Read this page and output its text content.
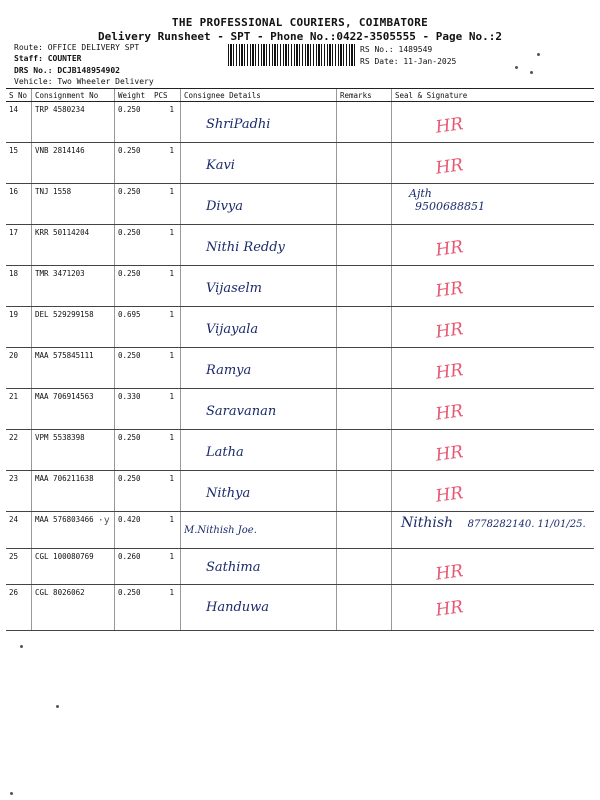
THE PROFESSIONAL COURIERS, COIMBATORE
Delivery Runsheet - SPT - Phone No.:0422-3505555 - Page No.:2
Route: OFFICE DELIVERY SPT
Staff: COUNTER
DRS No.: DCJB148954902
Vehicle: Two Wheeler Delivery
RS No.: 1489549
RS Date: 11-Jan-2025
S No	Consignment No	Weight	PCS	Consignee Details	Remarks	Seal & Signature
14	TRP 4580234	0.250	1	ShriPadhi		HR

15	VNB 2814146	0.250	1	Kavi		HR

16	TNJ 1558	0.250	1	Divya		Ajth
9500688851

17	KRR 50114204	0.250	1	Nithi Reddy		HR

18	TMR 3471203	0.250	1	Vijaselm		HR

19	DEL 529299158	0.695	1	Vijayala		HR

20	MAA 575845111	0.250	1	Ramya		HR

21	MAA 706914563	0.330	1	Saravanan		HR

22	VPM 5538398	0.250	1	Latha		HR

23	MAA 706211638	0.250	1	Nithya		HR

24	MAA 576803466 ·y	0.420	1	M.Nithish Joe.		Nithish 8778282140. 11/01/25.
25	CGL 100080769	0.260	1	Sathima		HR

26	CGL 8026062	0.250	1	Handuwa		HR
